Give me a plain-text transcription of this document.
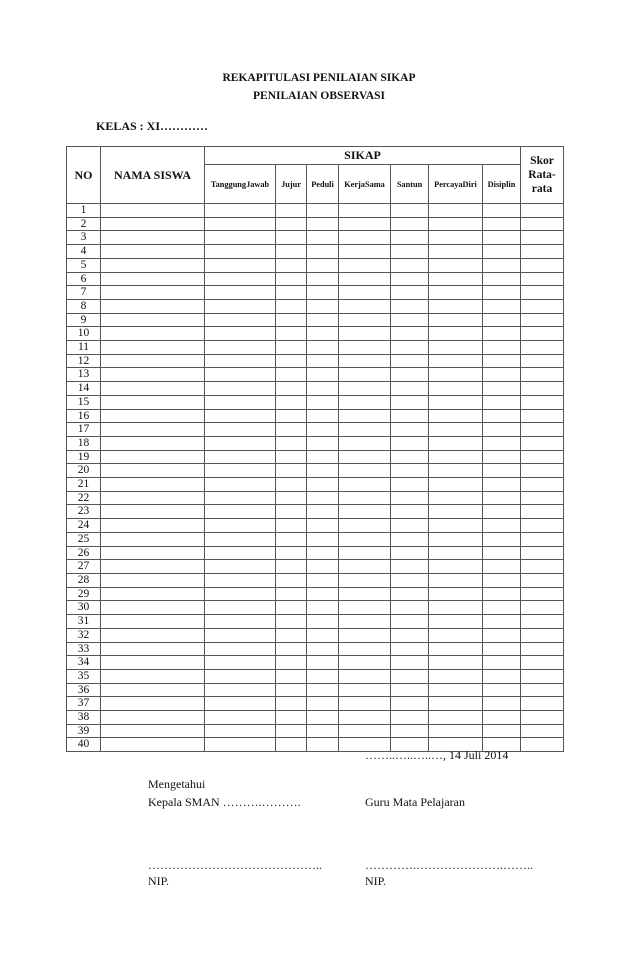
REKAPITULASI PENILAIAN SIKAP
PENILAIAN OBSERVASI
KELAS : XI…………
NO	NAMA SISWA	SIKAP							Skor
Rata-
rata
		TanggungJawab	Jujur	Peduli	KerjaSama	Santun	PercayaDiri	Disiplin	
1									
2									
3									
4									
5									
6									
7									
8									
9									
10									
11									
12									
13									
14									
15									
16									
17									
18									
19									
20									
21									
22									
23									
24									
25									
26									
27									
28									
29									
30									
31									
32									
33									
34									
35									
36									
37									
38									
39									
40									
……..…..…..…, 14 Juli 2014
Mengetahui
Kepala SMAN ……….……….	Guru Mata Pelajaran
……………………………………..	………….………………….……..
NIP.	NIP.
